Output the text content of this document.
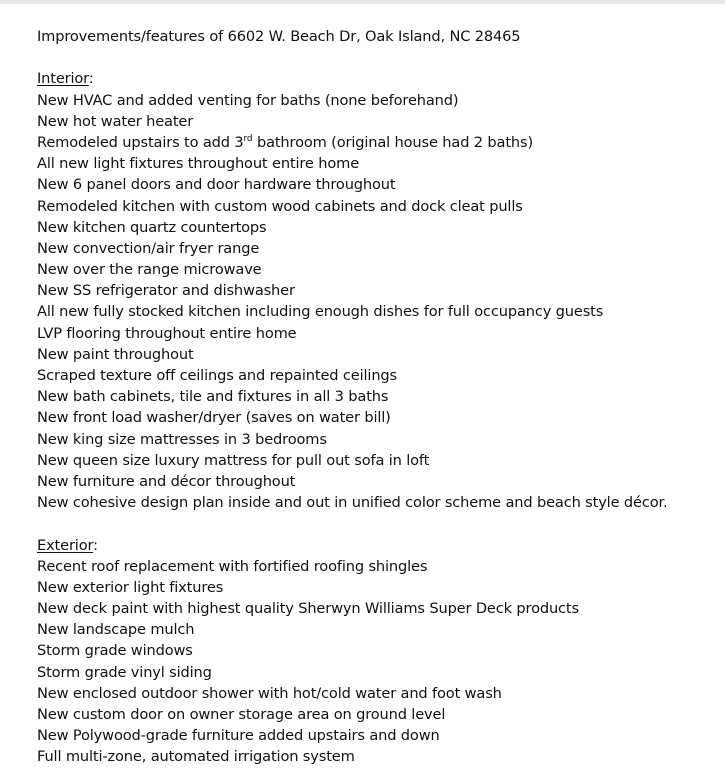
Improvements/features of 6602 W. Beach Dr, Oak Island, NC 28465
Interior:
New HVAC and added venting for baths (none beforehand)
New hot water heater
Remodeled upstairs to add 3rd bathroom (original house had 2 baths)
All new light fixtures throughout entire home
New 6 panel doors and door hardware throughout
Remodeled kitchen with custom wood cabinets and dock cleat pulls
New kitchen quartz countertops
New convection/air fryer range
New over the range microwave
New SS refrigerator and dishwasher
All new fully stocked kitchen including enough dishes for full occupancy guests
LVP flooring throughout entire home
New paint throughout
Scraped texture off ceilings and repainted ceilings
New bath cabinets, tile and fixtures in all 3 baths
New front load washer/dryer (saves on water bill)
New king size mattresses in 3 bedrooms
New queen size luxury mattress for pull out sofa in loft
New furniture and décor throughout
New cohesive design plan inside and out in unified color scheme and beach style décor.
Exterior:
Recent roof replacement with fortified roofing shingles
New exterior light fixtures
New deck paint with highest quality Sherwyn Williams Super Deck products
New landscape mulch
Storm grade windows
Storm grade vinyl siding
New enclosed outdoor shower with hot/cold water and foot wash
New custom door on owner storage area on ground level
New Polywood-grade furniture added upstairs and down
Full multi-zone, automated irrigation system
